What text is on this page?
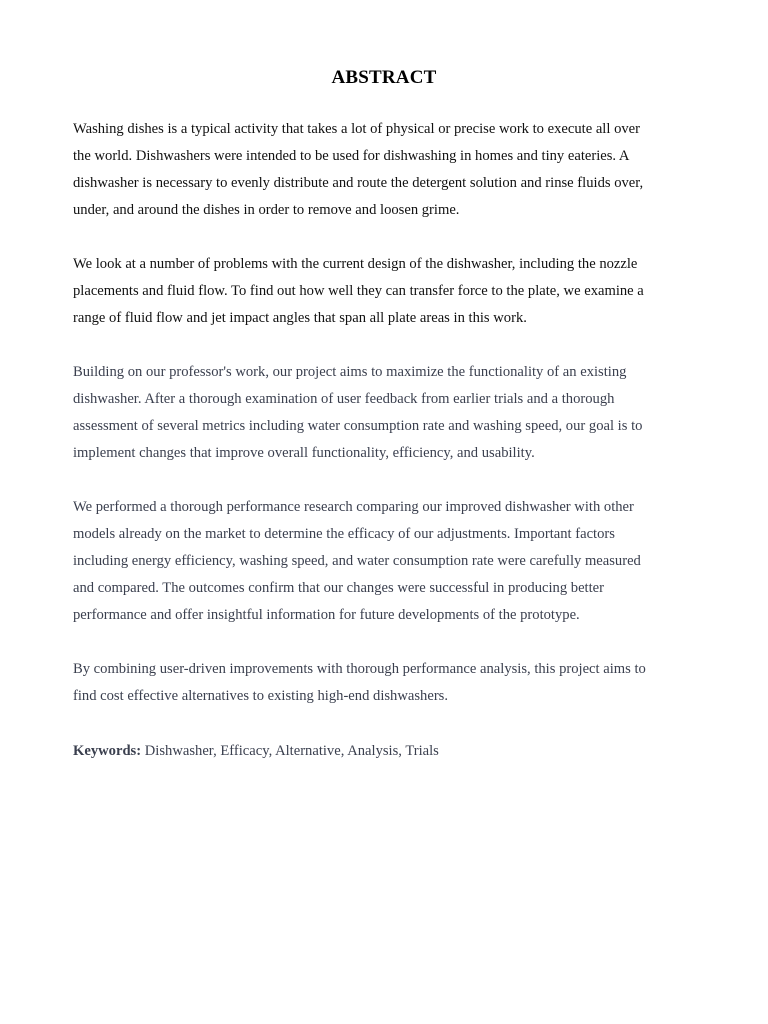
ABSTRACT

Washing dishes is a typical activity that takes a lot of physical or precise work to execute all over
the world. Dishwashers were intended to be used for dishwashing in homes and tiny eateries. A
dishwasher is necessary to evenly distribute and route the detergent solution and rinse fluids over,
under, and around the dishes in order to remove and loosen grime.

We look at a number of problems with the current design of the dishwasher, including the nozzle
placements and fluid flow. To find out how well they can transfer force to the plate, we examine a
range of fluid flow and jet impact angles that span all plate areas in this work.

Building on our professor's work, our project aims to maximize the functionality of an existing
dishwasher. After a thorough examination of user feedback from earlier trials and a thorough
assessment of several metrics including water consumption rate and washing speed, our goal is to
implement changes that improve overall functionality, efficiency, and usability.

We performed a thorough performance research comparing our improved dishwasher with other
models already on the market to determine the efficacy of our adjustments. Important factors
including energy efficiency, washing speed, and water consumption rate were carefully measured
and compared. The outcomes confirm that our changes were successful in producing better
performance and offer insightful information for future developments of the prototype.

By combining user-driven improvements with thorough performance analysis, this project aims to
find cost effective alternatives to existing high-end dishwashers.

Keywords: Dishwasher, Efficacy, Alternative, Analysis, Trials
